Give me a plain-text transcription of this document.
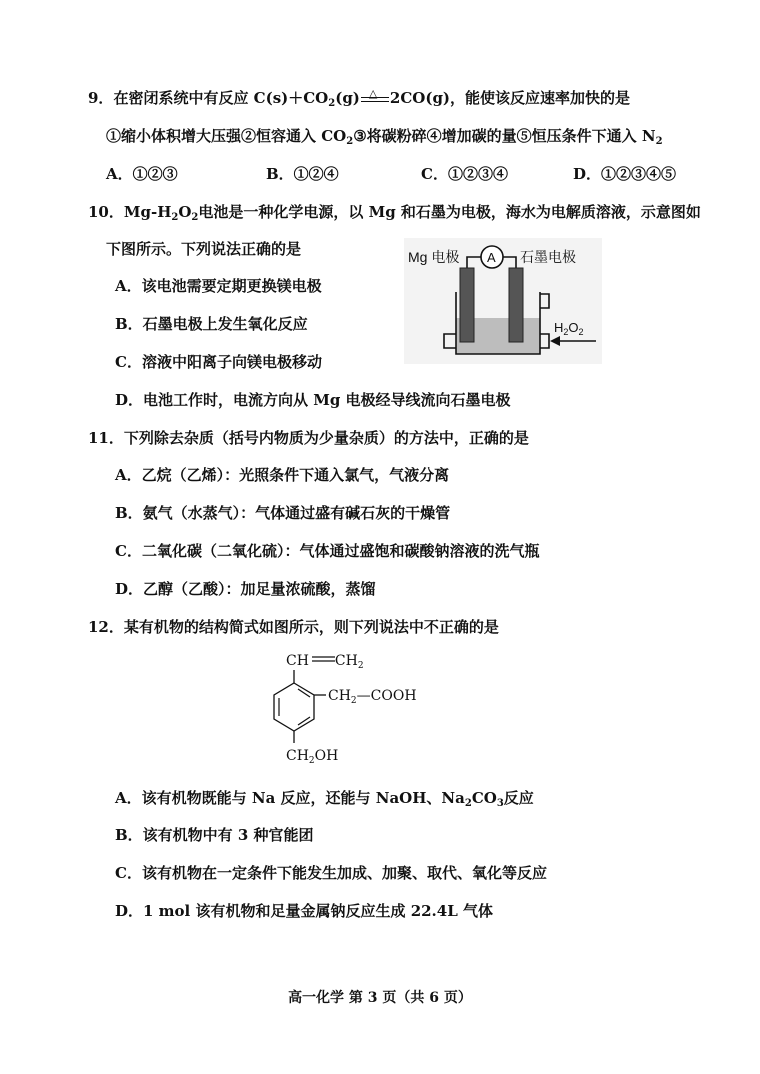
9．在密闭系统中有反应 $C(s)+CO_2(g)$ △ 2CO(g)，能使该反应速率加快的是
①缩小体积增大压强②恒容通入 $CO_2③$将碳粉碎④增加碳的量⑤恒压条件下通入 $N_2$
A．①②③	B．①②④	C．①②③④	D．①②③④⑤
10．$Mg-H_2O_2$电池是一种化学电源，以 Mg 和石墨为电极，海水为电解质溶液，示意图如
下图所示。下列说法正确的是
A．该电池需要定期更换镁电极
B．石墨电极上发生氧化反应
C．溶液中阳离子向镁电极移动
D．电池工作时，电流方向从 Mg 电极经导线流向石墨电极
Mg 电极	石墨电极
A
$H_2O_2$
11．下列除去杂质（括号内物质为少量杂质）的方法中，正确的是
A．乙烷（乙烯）：光照条件下通入氯气，气液分离
B．氨气（水蒸气）：气体通过盛有碱石灰的干燥管
C．二氧化碳（二氧化硫）：气体通过盛饱和碳酸钠溶液的洗气瓶
D．乙醇（乙酸）：加足量浓硫酸，蒸馏
12．某有机物的结构简式如图所示，则下列说法中不正确的是
CH $CH_2$
$CH_2—COOH$
$CH_2OH$
A．该有机物既能与 Na 反应，还能与 NaOH、$Na_2CO_3$反应
B．该有机物中有 3 种官能团
C．该有机物在一定条件下能发生加成、加聚、取代、氧化等反应
D．1 mol 该有机物和足量金属钠反应生成 22.4L 气体
高一化学 第 3 页（共 6 页）
